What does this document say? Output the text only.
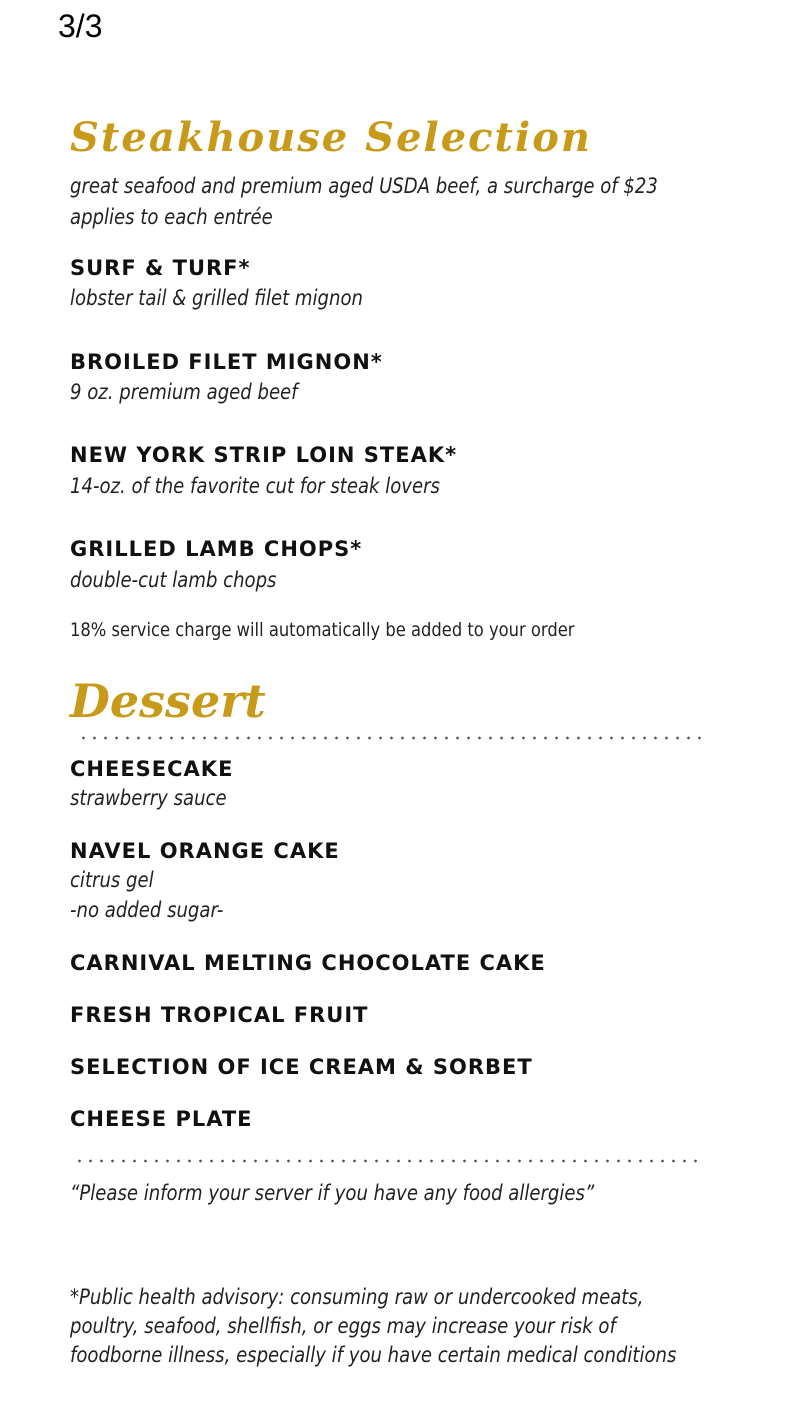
3/3
Steakhouse Selection

great seafood and premium aged USDA beef, a surcharge of $23

applies to each entrée

SURF & TURF*

lobster tail & grilled filet mignon

BROILED FILET MIGNON*

9 oz. premium aged beef

NEW YORK STRIP LOIN STEAK*

14-oz. of the favorite cut for steak lovers

GRILLED LAMB CHOPS*

double-cut lamb chops

18% service charge will automatically be added to your order

Dessert

CHEESECAKE

strawberry sauce

NAVEL ORANGE CAKE

citrus gel

-no added sugar-

CARNIVAL MELTING CHOCOLATE CAKE

FRESH TROPICAL FRUIT

SELECTION OF ICE CREAM & SORBET

CHEESE PLATE

“Please inform your server if you have any food allergies”

*Public health advisory: consuming raw or undercooked meats,

poultry, seafood, shellfish, or eggs may increase your risk of

foodborne illness, especially if you have certain medical conditions
